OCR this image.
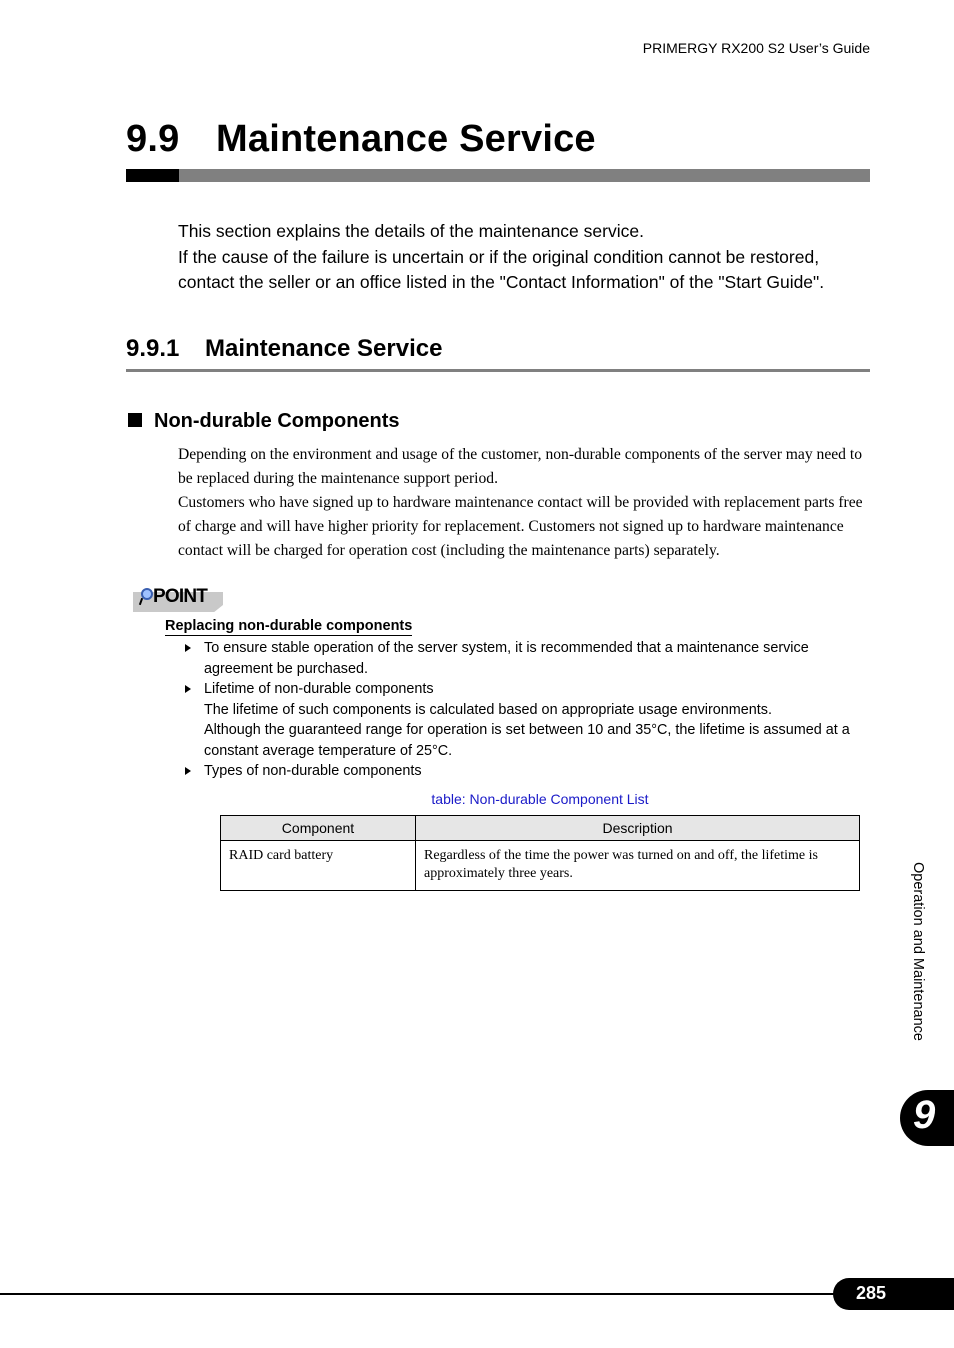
PRIMERGY RX200 S2 User’s Guide
9.9 Maintenance Service

This section explains the details of the maintenance service.

If the cause of the failure is uncertain or if the original condition cannot be restored, contact the seller or an office listed in the "Contact Information" of the "Start Guide".

9.9.1 Maintenance Service
Non-durable Components

Depending on the environment and usage of the customer, non-durable components of the server may need to be replaced during the maintenance support period.

Customers who have signed up to hardware maintenance contact will be provided with replacement parts free of charge and will have higher priority for replacement. Customers not signed up to hardware maintenance contact will be charged for operation cost (including the maintenance parts) separately.

POINT
Replacing non-durable components
To ensure stable operation of the server system, it is recommended that a maintenance service agreement be purchased.
Lifetime of non-durable components
The lifetime of such components is calculated based on appropriate usage environments.
Although the guaranteed range for operation is set between 10 and 35°C, the lifetime is assumed at a constant average temperature of 25°C.
Types of non-durable components
table: Non-durable Component List
Component	Description
RAID card battery	Regardless of the time the power was turned on and off, the lifetime is approximately three years.	Operation and Maintenance
9
285
